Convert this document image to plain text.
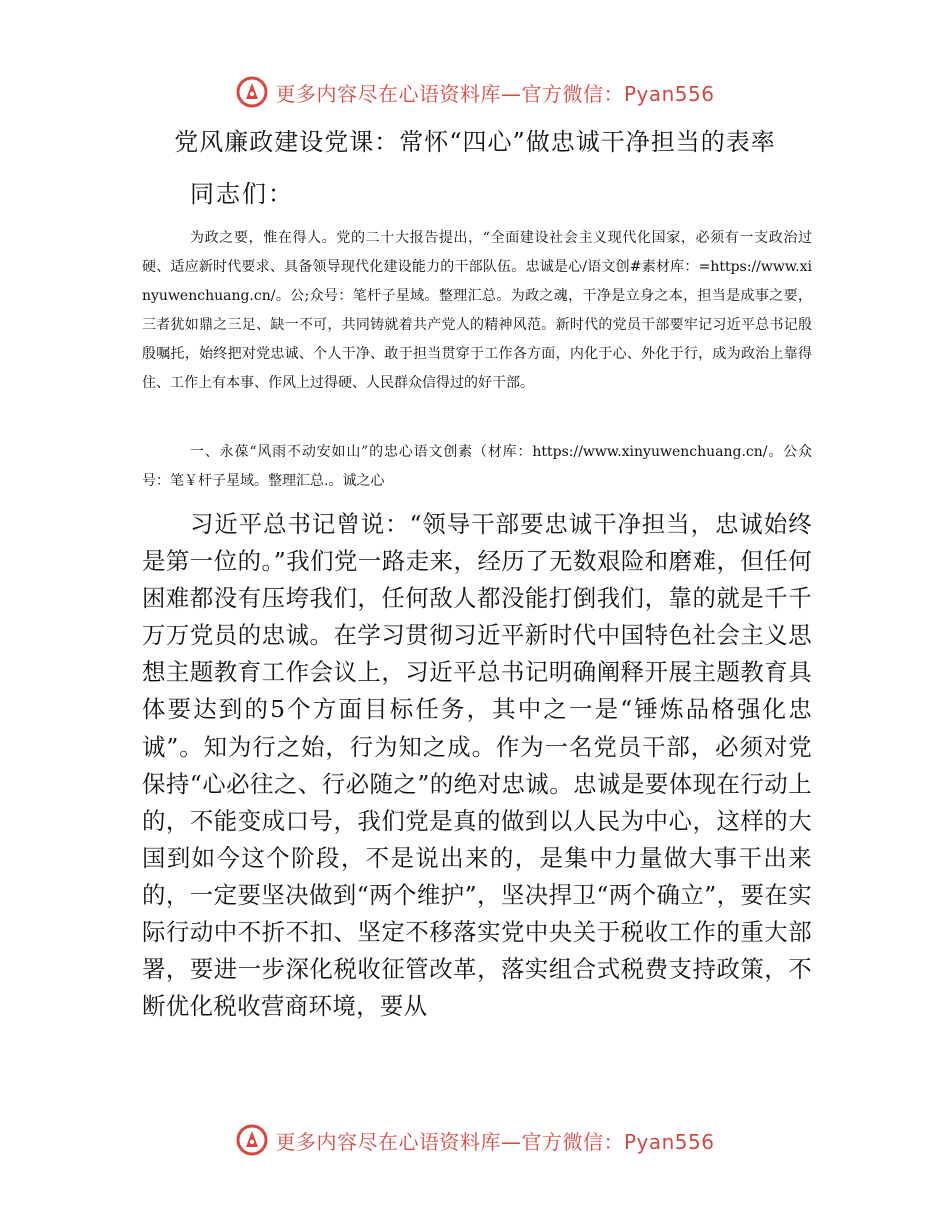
更多内容尽在心语资料库—官方微信：Pyan556
党风廉政建设党课：常怀“四心”做忠诚干净担当的表率
同志们：
为政之要，惟在得人。党的二十大报告提出，“全面建设社会主义现代化国家，必须有一支政治过硬、适应新时代要求、具备领导现代化建设能力的干部队伍。忠诚是心/语文创#素材库：=https://www.xinyuwenchuang.cn/。公;众号：笔杆子星域。整理汇总。为政之魂，干净是立身之本，担当是成事之要，三者犹如鼎之三足、缺一不可，共同铸就着共产党人的精神风范。新时代的党员干部要牢记习近平总书记殷殷嘱托，始终把对党忠诚、个人干净、敢于担当贯穿于工作各方面，内化于心、外化于行，成为政治上靠得住、工作上有本事、作风上过得硬、人民群众信得过的好干部。
一、永葆“风雨不动安如山”的忠心语文创素（材库：https://www.xinyuwenchuang.cn/。公众号：笔￥杆子星域。整理汇总.。诚之心
习近平总书记曾说：“领导干部要忠诚干净担当，忠诚始终是第一位的。”我们党一路走来，经历了无数艰险和磨难，但任何困难都没有压垮我们，任何敌人都没能打倒我们，靠的就是千千万万党员的忠诚。在学习贯彻习近平新时代中国特色社会主义思想主题教育工作会议上，习近平总书记明确阐释开展主题教育具体要达到的5个方面目标任务，其中之一是“锤炼品格强化忠诚”。知为行之始，行为知之成。作为一名党员干部，必须对党保持“心必往之、行必随之”的绝对忠诚。忠诚是要体现在行动上的，不能变成口号，我们党是真的做到以人民为中心，这样的大国到如今这个阶段，不是说出来的，是集中力量做大事干出来的，一定要坚决做到“两个维护”，坚决捍卫“两个确立”，要在实际行动中不折不扣、坚定不移落实党中央关于税收工作的重大部署，要进一步深化税收征管改革，落实组合式税费支持政策，不断优化税收营商环境，要从
更多内容尽在心语资料库—官方微信：Pyan556
